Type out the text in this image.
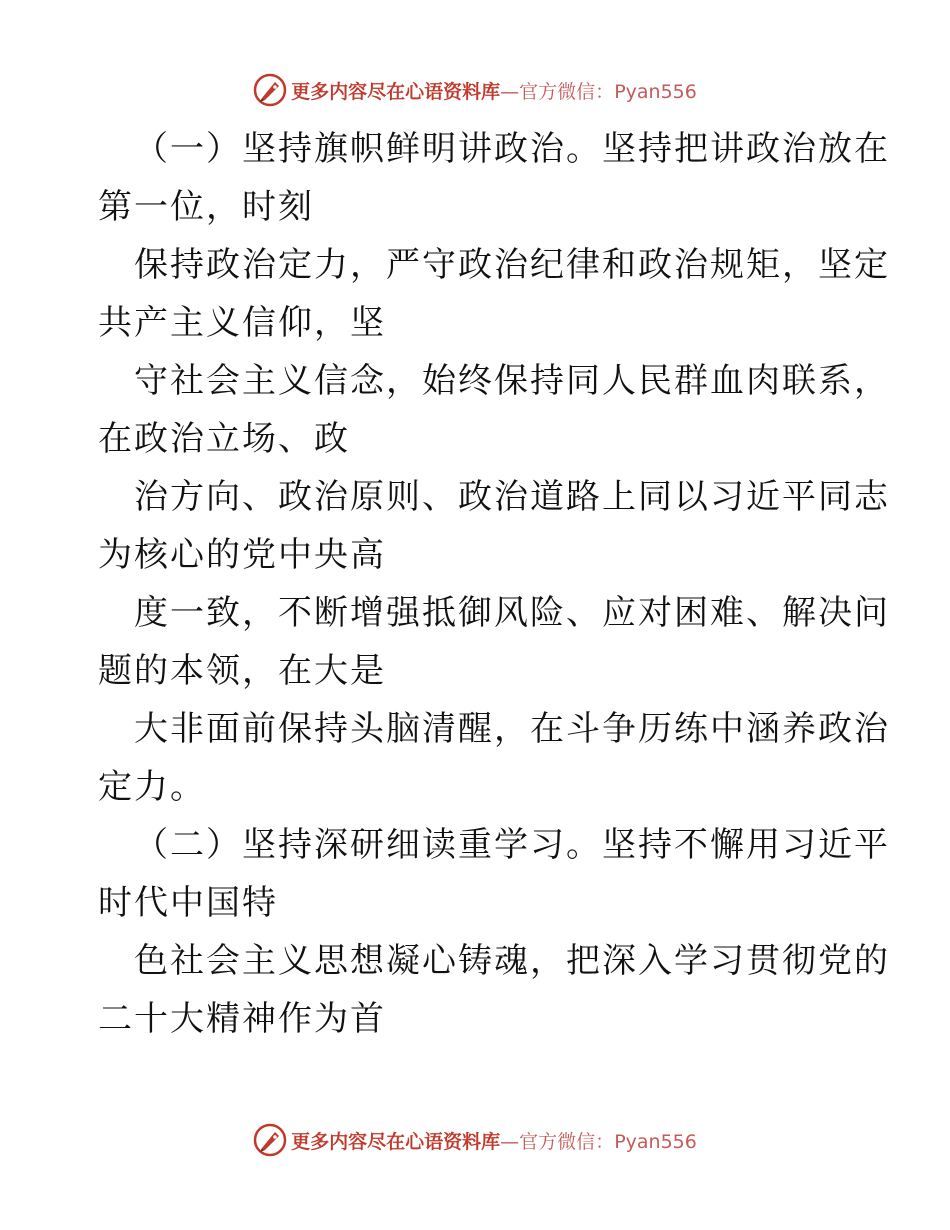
更多内容尽在心语资料库—官方微信：Pyan556
（一）坚持旗帜鲜明讲政治。坚持把讲政治放在
第一位，时刻
保持政治定力，严守政治纪律和政治规矩，坚定
共产主义信仰，坚
守社会主义信念，始终保持同人民群血肉联系，
在政治立场、政
治方向、政治原则、政治道路上同以习近平同志
为核心的党中央高
度一致，不断增强抵御风险、应对困难、解决问
题的本领，在大是
大非面前保持头脑清醒，在斗争历练中涵养政治
定力。
（二）坚持深研细读重学习。坚持不懈用习近平
时代中国特
色社会主义思想凝心铸魂，把深入学习贯彻党的
二十大精神作为首
更多内容尽在心语资料库—官方微信：Pyan556
